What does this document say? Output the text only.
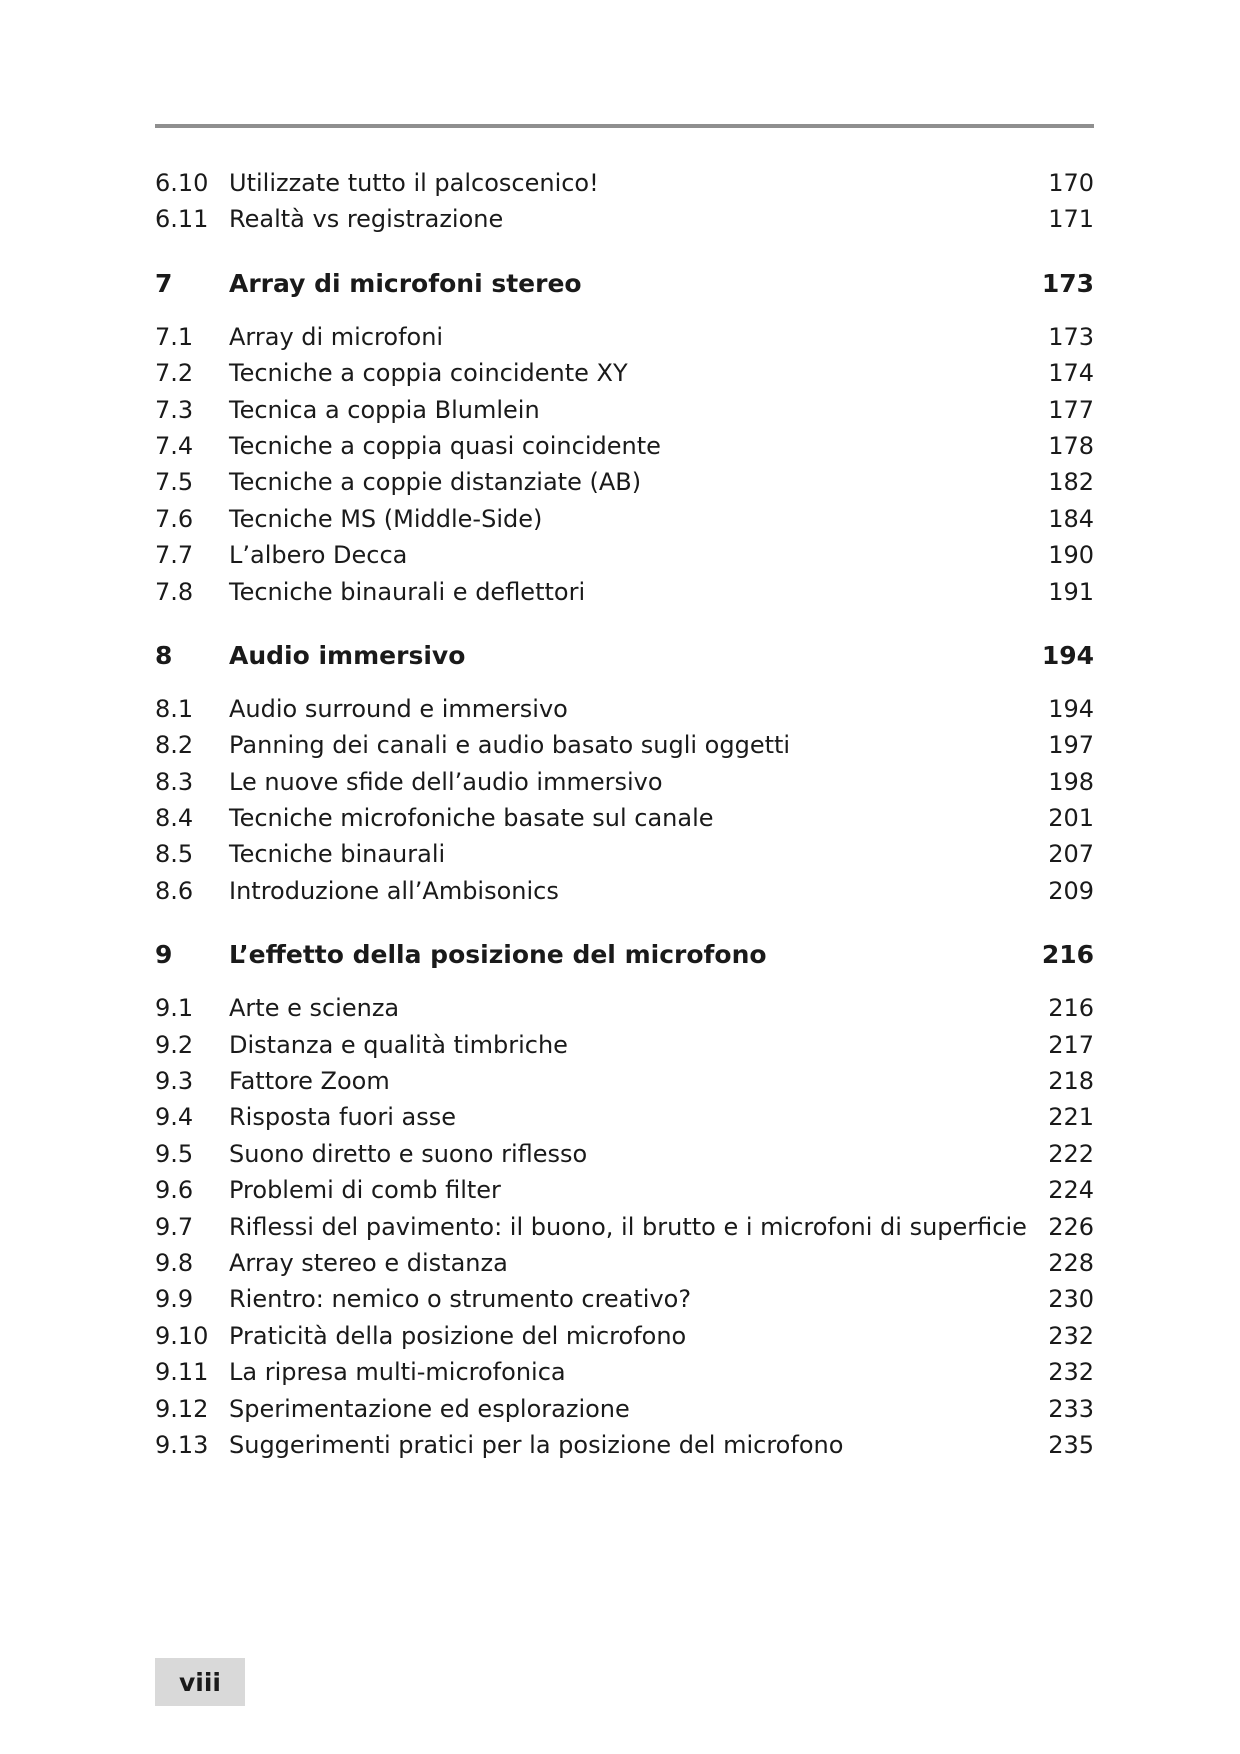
6.10 Utilizzate tutto il palcoscenico!	170
6.11 Realtà vs registrazione	171
7	Array di microfoni stereo	173
7.1	Array di microfoni	173
7.2	Tecniche a coppia coincidente XY	174
7.3	Tecnica a coppia Blumlein	177
7.4	Tecniche a coppia quasi coincidente	178
7.5	Tecniche a coppie distanziate (AB)	182
7.6	Tecniche MS (Middle-Side)	184
7.7	L’albero Decca	190
7.8	Tecniche binaurali e deflettori	191
8	Audio immersivo	194
8.1	Audio surround e immersivo	194
8.2	Panning dei canali e audio basato sugli oggetti	197
8.3	Le nuove sfide dell’audio immersivo	198
8.4	Tecniche microfoniche basate sul canale	201
8.5	Tecniche binaurali	207
8.6	Introduzione all’Ambisonics	209
9	L’effetto della posizione del microfono	216
9.1	Arte e scienza	216
9.2	Distanza e qualità timbriche	217
9.3	Fattore Zoom	218
9.4	Risposta fuori asse	221
9.5	Suono diretto e suono riflesso	222
9.6	Problemi di comb filter	224
9.7	Riflessi del pavimento: il buono, il brutto e i microfoni di superficie 226
9.8	Array stereo e distanza	228
9.9	Rientro: nemico o strumento creativo?	230
9.10 Praticità della posizione del microfono	232
9.11 La ripresa multi-microfonica	232
9.12 Sperimentazione ed esplorazione	233
9.13 Suggerimenti pratici per la posizione del microfono	235
viii
